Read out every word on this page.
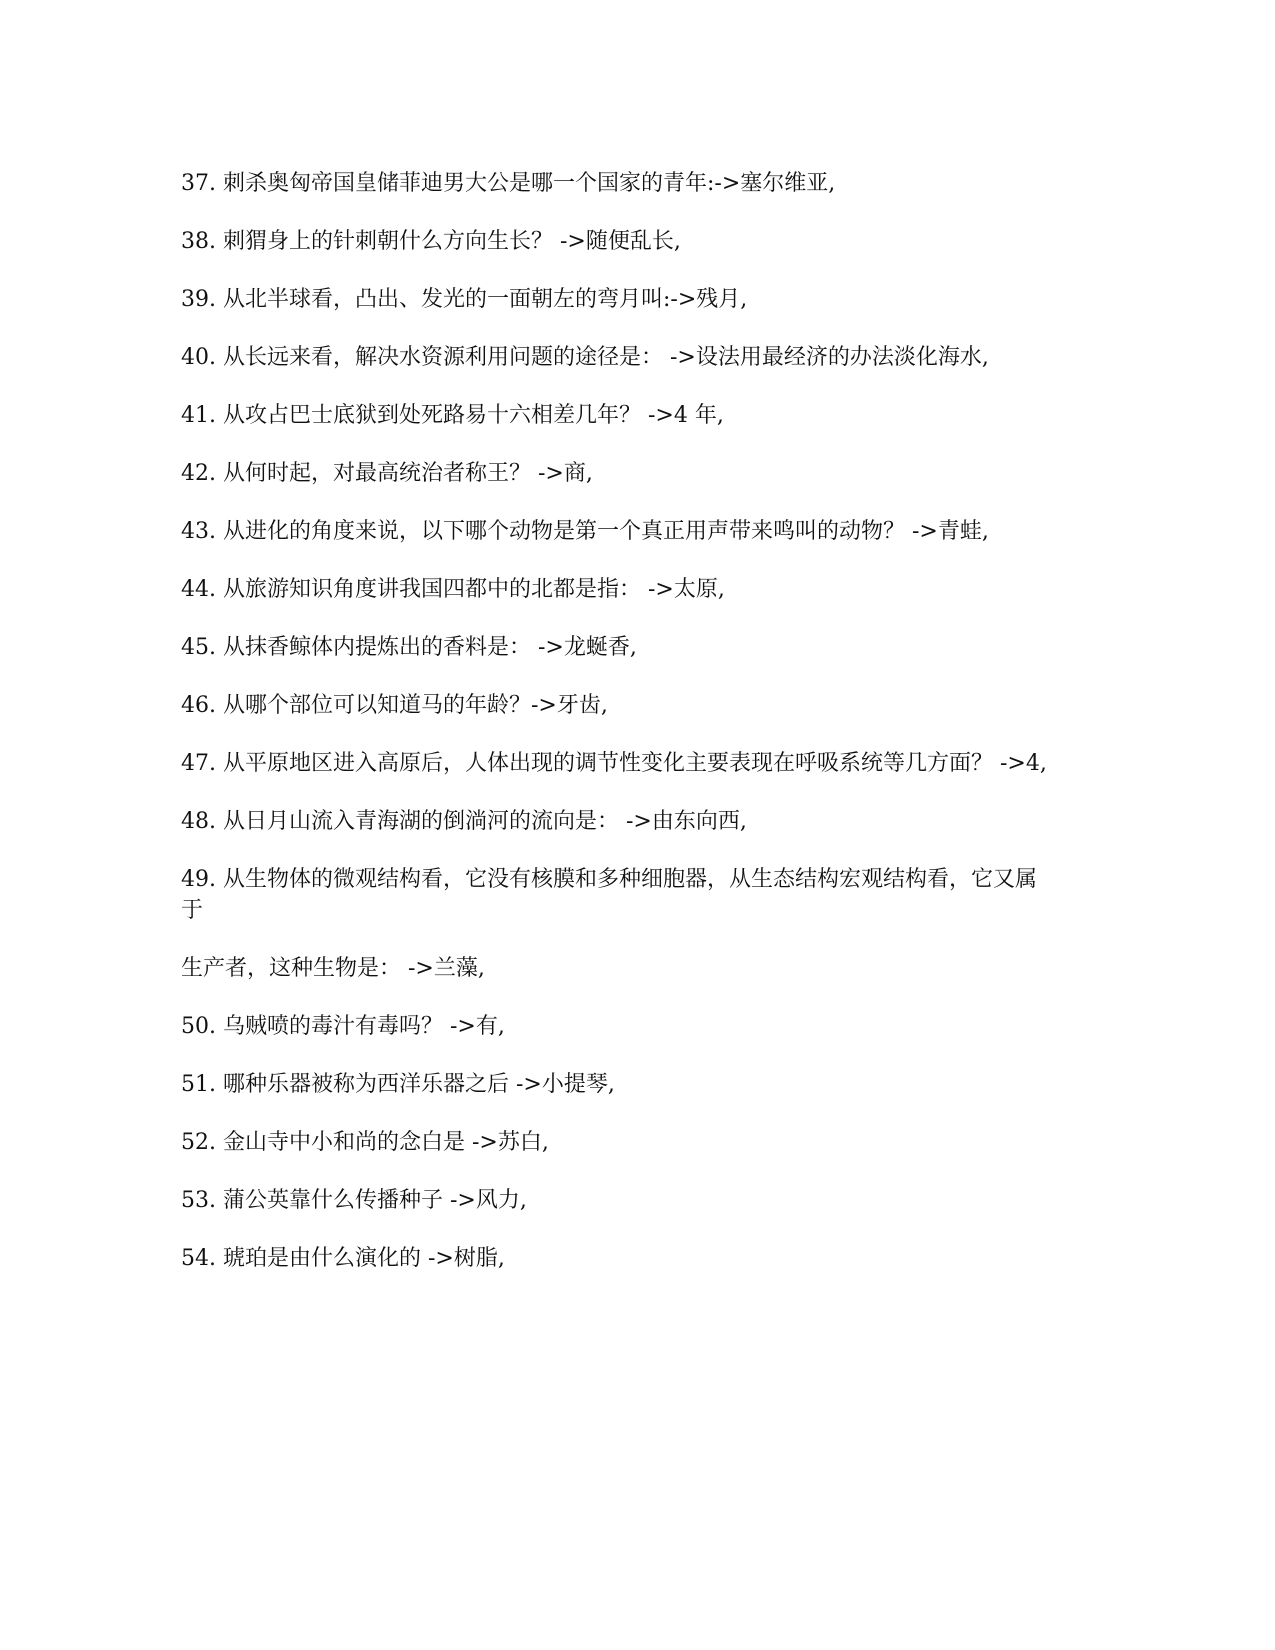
37. 刺杀奥匈帝国皇储菲迪男大公是哪一个国家的青年:->塞尔维亚,

38. 刺猬身上的针刺朝什么方向生长？ ->随便乱长,

39. 从北半球看，凸出、发光的一面朝左的弯月叫:->残月,

40. 从长远来看，解决水资源利用问题的途径是： ->设法用最经济的办法淡化海水,

41. 从攻占巴士底狱到处死路易十六相差几年？ ->4 年,

42. 从何时起，对最高统治者称王？ ->商,

43. 从进化的角度来说，以下哪个动物是第一个真正用声带来鸣叫的动物？ ->青蛙,

44. 从旅游知识角度讲我国四都中的北都是指： ->太原,

45. 从抹香鲸体内提炼出的香料是： ->龙蜒香,

46. 从哪个部位可以知道马的年龄？->牙齿,

47. 从平原地区进入高原后，人体出现的调节性变化主要表现在呼吸系统等几方面？ ->4,

48. 从日月山流入青海湖的倒淌河的流向是： ->由东向西,

49. 从生物体的微观结构看，它没有核膜和多种细胞器，从生态结构宏观结构看，它又属于

生产者，这种生物是： ->兰藻,

50. 乌贼喷的毒汁有毒吗？ ->有,

51. 哪种乐器被称为西洋乐器之后 ->小提琴,

52. 金山寺中小和尚的念白是 ->苏白,

53. 蒲公英靠什么传播种子 ->风力,

54. 琥珀是由什么演化的 ->树脂,
